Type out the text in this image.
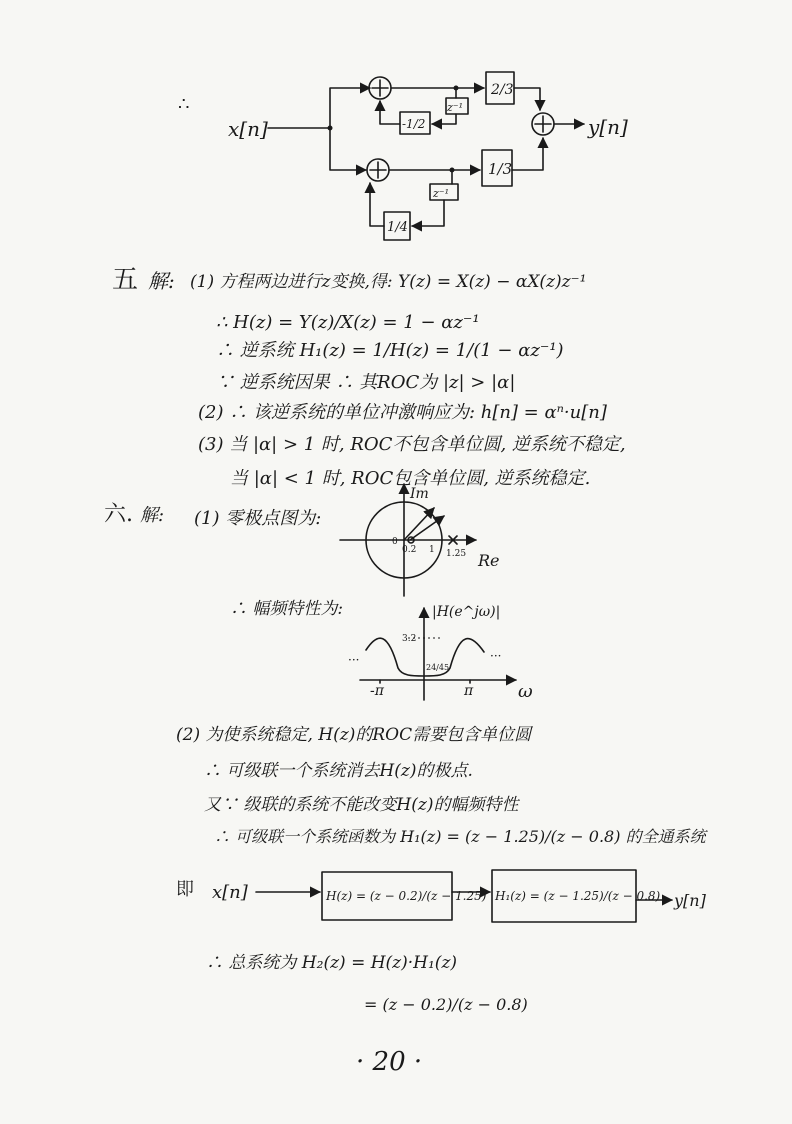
∴
x[n]	y[n]
2/3
z⁻¹
-1/2
1/3
z⁻¹
1/4
五 解: (1) 方程两边进行z变换,得: Y(z) = X(z) − αX(z)z⁻¹
∴ H(z) = Y(z)/X(z) = 1 − αz⁻¹
∴ 逆系统 H₁(z) = 1/H(z) = 1/(1 − αz⁻¹)
∵ 逆系统因果 ∴ 其ROC为 |z| > |α|
(2) ∴ 该逆系统的单位冲激响应为: h[n] = αⁿ·u[n]
(3) 当 |α| > 1 时, ROC不包含单位圆, 逆系统不稳定,
当 |α| < 1 时, ROC包含单位圆, 逆系统稳定.
六. 解: (1) 零极点图为:
Im
Re
0
0.2 1 1.25
∴ 幅频特性为:	|H(e^jω)|
3.2
24/45
-π	π ω
···	···
(2) 为使系统稳定, H(z)的ROC需要包含单位圆
∴ 可级联一个系统消去H(z)的极点.
又∵ 级联的系统不能改变H(z)的幅频特性
∴ 可级联一个系统函数为 H₁(z) = (z − 1.25)/(z − 0.8) 的全通系统
即 x[n]	H(z) = (z − 0.2)/(z − 1.25) H₁(z) = (z − 1.25)/(z − 0.8) y[n]
∴ 总系统为 H₂(z) = H(z)·H₁(z)
= (z − 0.2)/(z − 0.8)
· 20 ·
